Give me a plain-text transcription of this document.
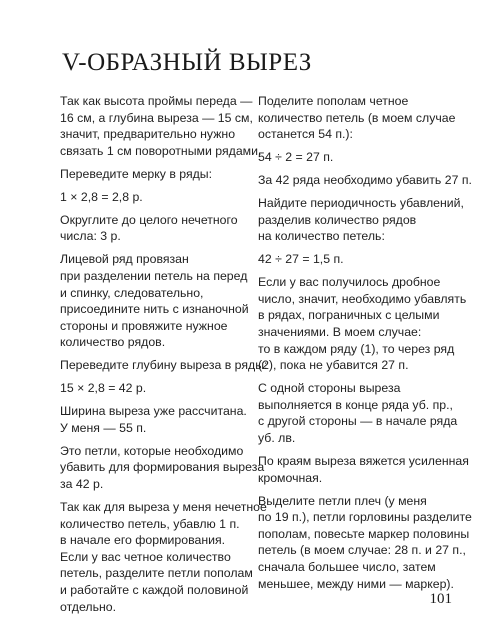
V-ОБРАЗНЫЙ ВЫРЕЗ

Так как высота проймы переда —
16 см, а глубина выреза — 15 см,
значит, предварительно нужно
связать 1 см поворотными рядами.

Переведите мерку в ряды:

1 × 2,8 = 2,8 р.

Округлите до целого нечетного
числа: 3 р.

Лицевой ряд провязан
при разделении петель на перед
и спинку, следовательно,
присоедините нить с изнаночной
стороны и провяжите нужное
количество рядов.

Переведите глубину выреза в ряды:

15 × 2,8 = 42 р.

Ширина выреза уже рассчитана.
У меня — 55 п.

Это петли, которые необходимо
убавить для формирования выреза
за 42 р.

Так как для выреза у меня нечетное
количество петель, убавлю 1 п.
в начале его формирования.
Если у вас четное количество
петель, разделите петли пополам
и работайте с каждой половиной
отдельно.

Поделите пополам четное
количество петель (в моем случае
останется 54 п.):

54 ÷ 2 = 27 п.

За 42 ряда необходимо убавить 27 п.

Найдите периодичность убавлений,
разделив количество рядов
на количество петель:

42 ÷ 27 = 1,5 п.

Если у вас получилось дробное
число, значит, необходимо убавлять
в рядах, пограничных с целыми
значениями. В моем случае:
то в каждом ряду (1), то через ряд
(2), пока не убавится 27 п.

С одной стороны выреза
выполняется в конце ряда уб. пр.,
с другой стороны — в начале ряда
уб. лв.

По краям выреза вяжется усиленная
кромочная.

Выделите петли плеч (у меня
по 19 п.), петли горловины разделите
пополам, повесьте маркер половины
петель (в моем случае: 28 п. и 27 п.,
сначала большее число, затем
меньшее, между ними — маркер).

101
